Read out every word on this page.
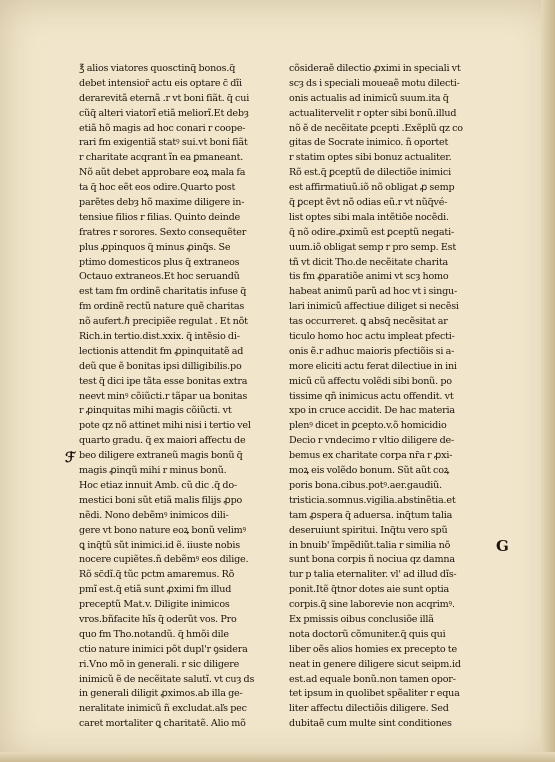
℥ alios viatores quosctinq̃ bonos.q̃
debet intensior̃ actu eis optare c̃ dĩi
derarevitã eternã .r vt boni fiãt. q̃ cui
cũq̃ alteri viatorĩ etiã meliorĩ.Et debȝ
etiã hõ magis ad hoc conari r coope-
rari fm exigentiã statꝰ sui.vt boni fiãt
r charitate acqrant ĩn ea ꝑmaneant.
Nõ aũt debet approbare eoꝝ mala fa
ta q̃ hoc eẽt eos odire.Quarto post
parẽtes debȝ hõ maxime diligere in-
tensiue filios r filias. Quinto deinde
fratres r sorores. Sexto consequẽter
plus ꝓpinquos q̃ minus ꝓinq̃s. Se
ptimo domesticos plus q̃ extraneos
Octauo extraneos.Et hoc seruandũ
est tam fm ordinẽ charitatis infuse q̃
fm ordinẽ rectũ nature quẽ charitas
nõ aufert.ℏ precipiẽe regulat . Et nõt
Rich.in tertio.dist.xxix. q̃ intẽsio di-
lectionis attendit fm ꝓpinquitatẽ ad
deũ que ẽ bonitas ipsi dilligibilis.po
test q̃ dici ipe tãta esse bonitas extra
neevt minꝰ cõiũcti.r tãpar ua bonitas
r ꝓinquitas mihi magis cõiũcti. vt
pote qz nõ attinet mihi nisi i tertio vel
quarto gradu. q̃ ex maiori affectu de
beo diligere extraneũ magis bonũ q̃
magis ꝓinqũ mihi r minus bonũ.
Hoc etiaz innuit Amb. cũ dic .q̃ do-
mestici boni sũt etiã malis filijs ꝓpo
nẽdi. Nono debẽmꝰ inimicos dili-
gere vt bono nature eoꝝ bonũ velimꝰ
ꝗ inq̃tũ sũt inimici.id ẽ. iiuste nobis
nocere cupiẽtes.ñ debẽmꝰ eos dilige.
Rõ sc̃dĩ.q̃ tũc pctm amaremus. Rõ
pmĩ est.q̃ etiã sunt ꝓximi fm illud
preceptũ Mat.v. Diligite inimicos
vros.bñfacite hĩs q̃ oderũt vos. Pro
quo fm Tho.notandũ. q̃ hmõi dile
ctio nature inimici põt dupl'r ꝯsidera
ri.Vno mõ in generali. r sic diligere
inimicũ ẽ de necẽitate salutĩ. vt cuȝ ds
in generali diligit ꝓximos.ab illa ge-
neralitate inimicũ ñ excludat.aľs pec
caret mortaliter ꝗ charitatẽ. Alio mõ
cõsideraẽ dilectio ꝓximi in speciali vt
scȝ ds i speciali moueaẽ motu dilecti-
onis actualis ad inimicũ suum.ita q̃
actualitervelit r opter sibi bonũ.illud
nõ ẽ de necẽitate ꝑcepti .Exẽplũ qz co
gitas de Socrate inimico. ñ oportet
r statim optes sibi bonuz actualiter.
Rõ est.q̃ ꝑceptũ de dilectiõe inimici
est affirmatiuũ.iõ nõ obligat ꝓ semp
q̃ ꝑcept ẽvt nõ odias eũ.r vt nũq̃vé-
list optes sibi mala intẽtiõe nocẽdi.
q̃ nõ odire.ꝓximũ est ꝑceptũ negati-
uum.iõ obligat semp r pro semp. Est
tñ vt dicit Tho.de necẽitate charita
tis fm ꝓparatiõe animi vt scȝ homo
habeat animũ parũ ad hoc vt i singu-
lari inimicũ affectiue diliget si necẽsi
tas occurreret. ꝗ absq̃ necẽsitat ar
ticulo homo hoc actu impleat pfecti-
onis ẽ.r adhuc maioris pfectiõis si a-
more eliciti actu ferat dilectiue in ini
micũ cũ affectu volẽdi sibi bonũ. po
tissime qñ inimicus actu offendit. vt
xpo in cruce accidit. De hac materia
plenꝰ dicet in ꝑcepto.v.õ homicidio
Decio r vndecimo r vltio diligere de-
bemus ex charitate corpa nr̃a r ꝓxi-
moꝝ eis volẽdo bonum. Sũt aũt coꝝ
poris bona.cibus.potꝰ.aer.gaudiũ.
tristicia.somnus.vigilia.abstinẽtia.et
tam ꝓspera q̃ aduersa. inq̃tum talia
deseruiunt spiritui. Inq̃tu vero spũ
in bnuib' ĩmpẽdiũt.talia r similia nõ
sunt bona corpis ñ nociua qz damna
tur p talia eternaliter. vl' ad illud dĩs-
ponit.Itẽ q̃tnor dotes aie sunt optia
corpis.q̃ sine laborevie non acqrimꝰ.
Ex pmissis oibus conclusiõe illã
nota doctorũ cõmuniter.q̃ quis qui
liber oẽs alios homies ex precepto te
neat in genere diligere sicut seipm.id
est.ad equale bonũ.non tamen opor-
tet ipsum in quolibet spẽaliter r equa
liter affectu dilectiõis diligere. Sed
dubitaẽ cum multe sint conditiones
ℱ
G
